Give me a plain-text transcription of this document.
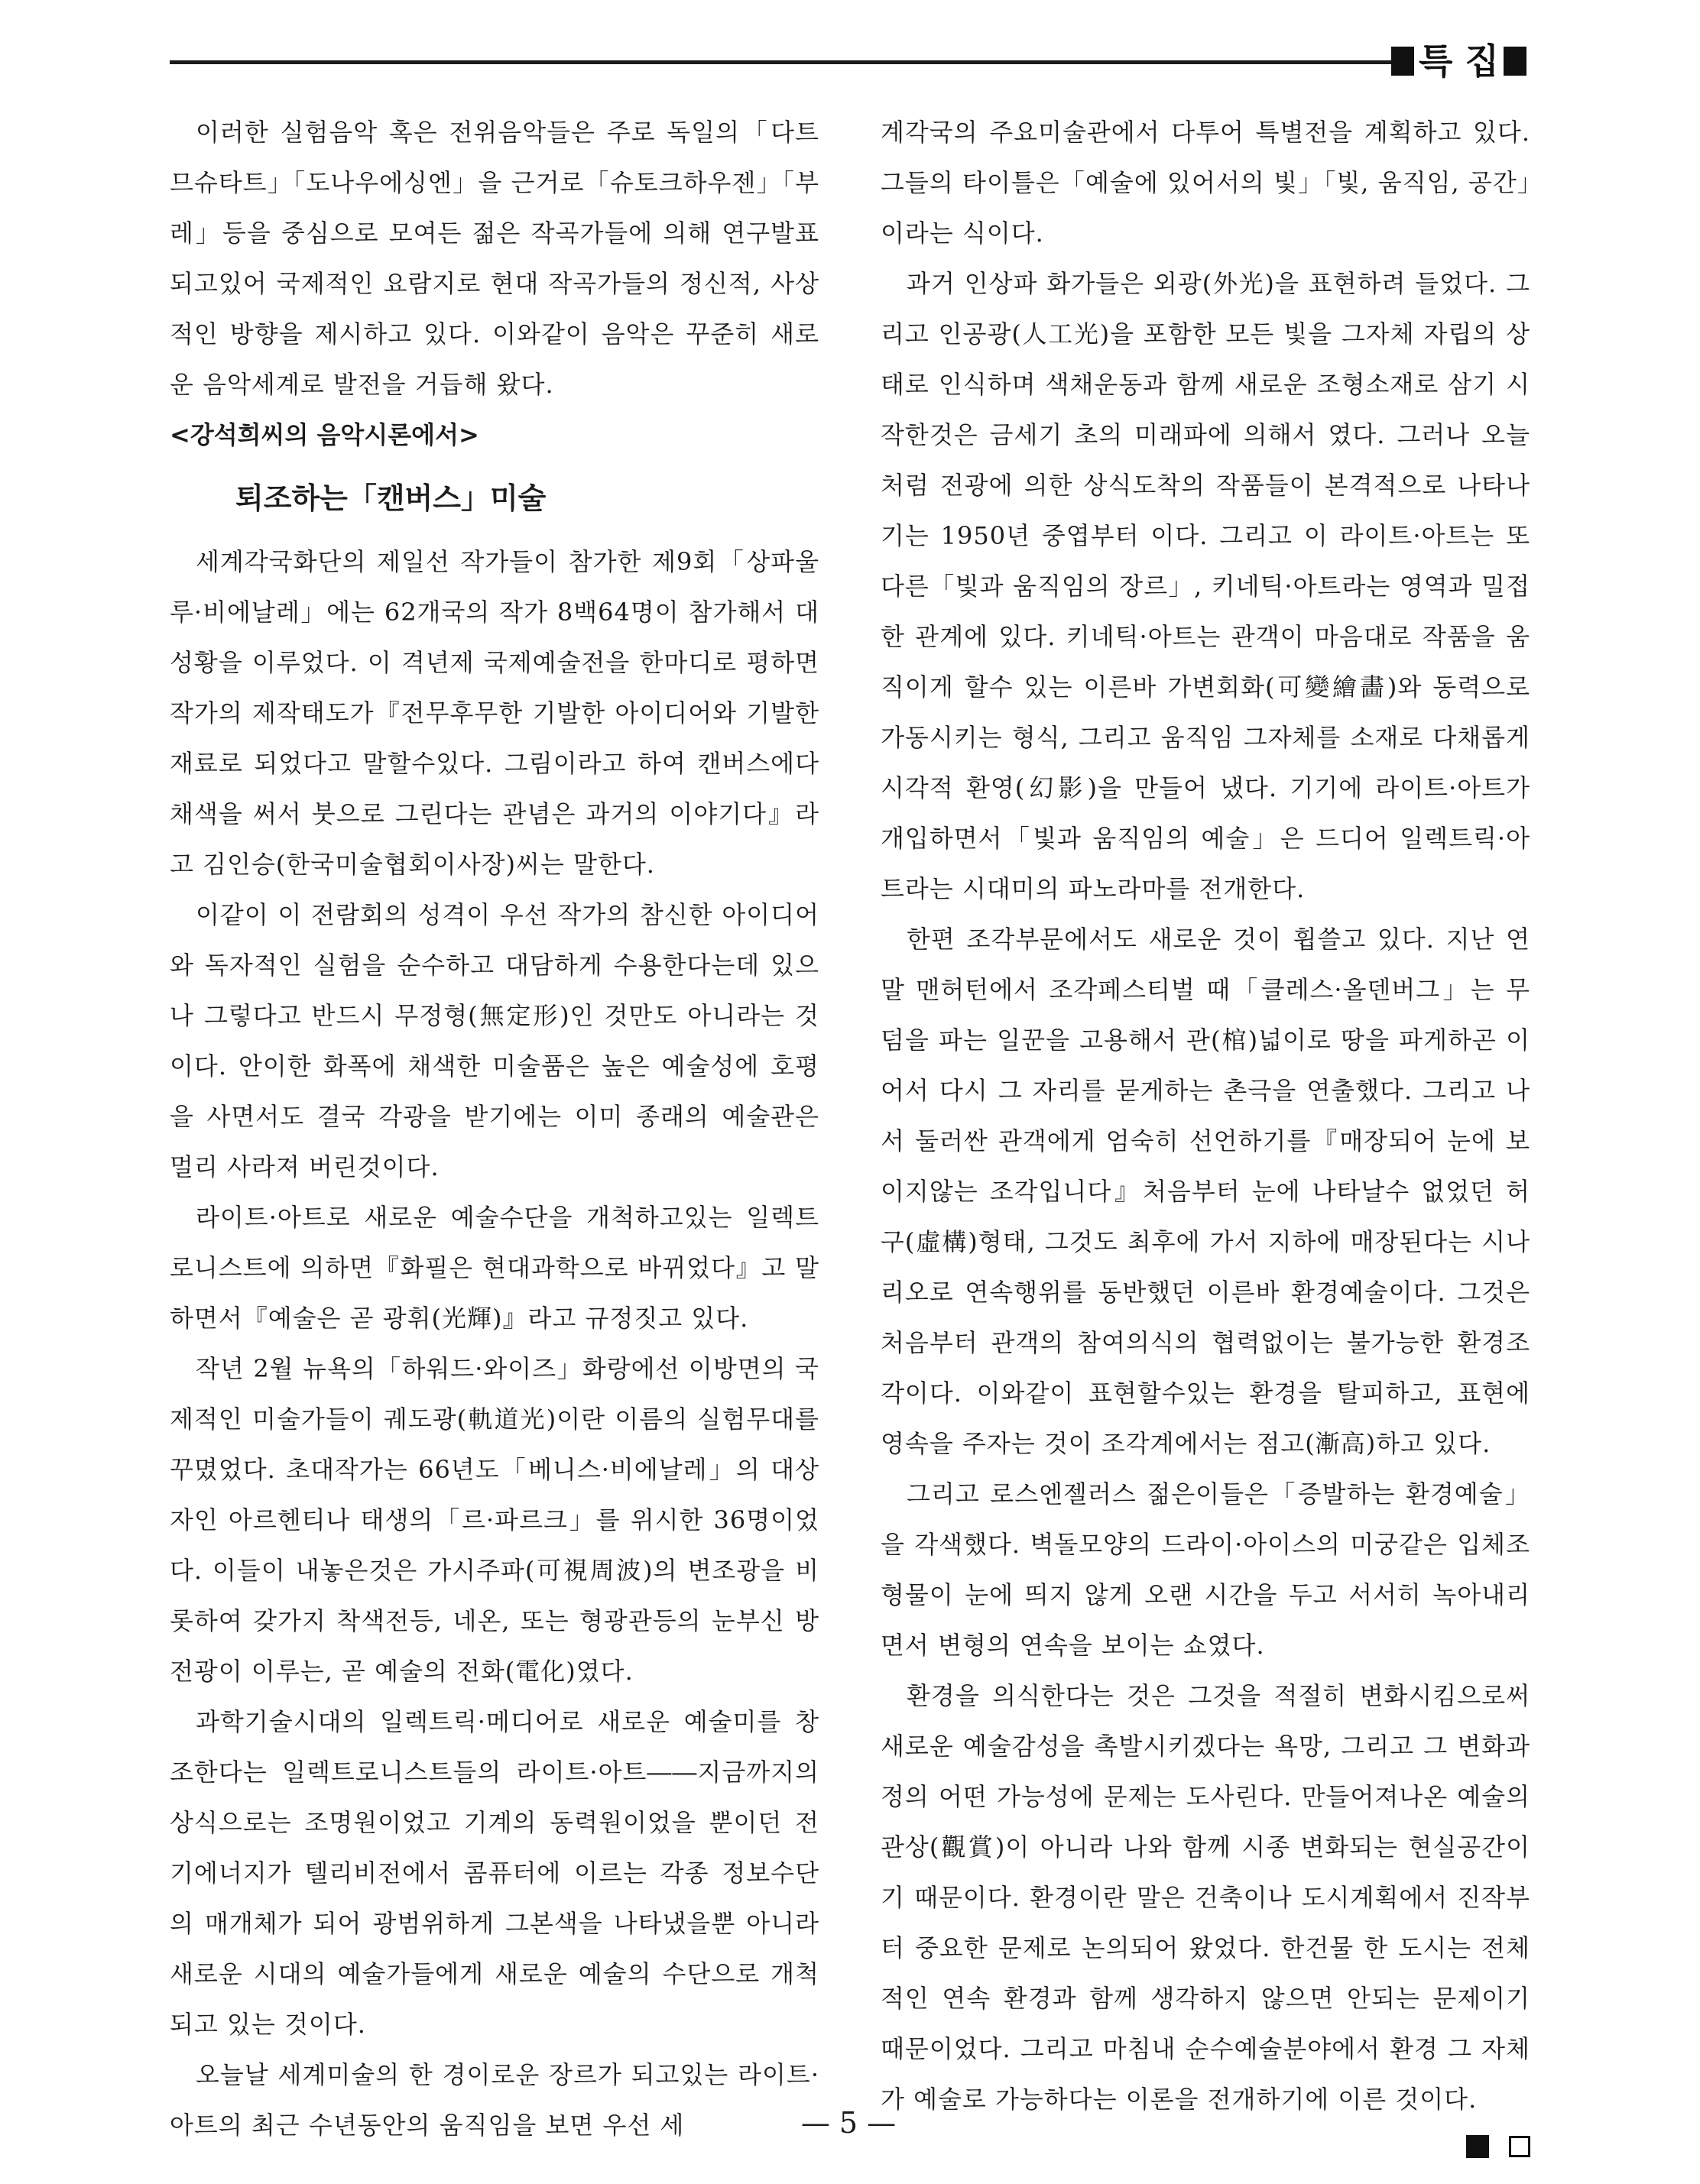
특 집

이러한 실험음악 혹은 전위음악들은 주로 독일의「다트므슈타트」「도나우에싱엔」을 근거로「슈토크하우젠」「부레」등을 중심으로 모여든 젊은 작곡가들에 의해 연구발표되고있어 국제적인 요람지로 현대 작곡가들의 정신적, 사상적인 방향을 제시하고 있다. 이와같이 음악은 꾸준히 새로운 음악세계로 발전을 거듭해 왔다.

<강석희씨의 음악시론에서>

퇴조하는「캔버스」미술

세계각국화단의 제일선 작가들이 참가한 제9회「상파울루·비에날레」에는 62개국의 작가 8백64명이 참가해서 대성황을 이루었다. 이 격년제 국제예술전을 한마디로 평하면 작가의 제작태도가『전무후무한 기발한 아이디어와 기발한 재료로 되었다고 말할수있다. 그림이라고 하여 캔버스에다 채색을 써서 붓으로 그린다는 관념은 과거의 이야기다』라고 김인승(한국미술협회이사장)씨는 말한다.

이같이 이 전람회의 성격이 우선 작가의 참신한 아이디어와 독자적인 실험을 순수하고 대담하게 수용한다는데 있으나 그렇다고 반드시 무정형(無定形)인 것만도 아니라는 것이다. 안이한 화폭에 채색한 미술품은 높은 예술성에 호평을 사면서도 결국 각광을 받기에는 이미 종래의 예술관은 멀리 사라져 버린것이다.

라이트·아트로 새로운 예술수단을 개척하고있는 일렉트로니스트에 의하면『화필은 현대과학으로 바뀌었다』고 말하면서『예술은 곧 광휘(光輝)』라고 규정짓고 있다.

작년 2월 뉴욕의「하워드·와이즈」화랑에선 이방면의 국제적인 미술가들이 궤도광(軌道光)이란 이름의 실험무대를 꾸몄었다. 초대작가는 66년도「베니스·비에날레」의 대상자인 아르헨티나 태생의「르·파르크」를 위시한 36명이었다. 이들이 내놓은것은 가시주파(可視周波)의 변조광을 비롯하여 갖가지 착색전등, 네온, 또는 형광관등의 눈부신 방전광이 이루는, 곧 예술의 전화(電化)였다.

과학기술시대의 일렉트릭·메디어로 새로운 예술미를 창조한다는 일렉트로니스트들의 라이트·아트――지금까지의 상식으로는 조명원이었고 기계의 동력원이었을 뿐이던 전기에너지가 텔리비전에서 콤퓨터에 이르는 각종 정보수단의 매개체가 되어 광범위하게 그본색을 나타냈을뿐 아니라 새로운 시대의 예술가들에게 새로운 예술의 수단으로 개척되고 있는 것이다.

오늘날 세계미술의 한 경이로운 장르가 되고있는 라이트·아트의 최근 수년동안의 움직임을 보면 우선 세

계각국의 주요미술관에서 다투어 특별전을 계획하고 있다. 그들의 타이틀은「예술에 있어서의 빛」「빛, 움직임, 공간」이라는 식이다.

과거 인상파 화가들은 외광(外光)을 표현하려 들었다. 그리고 인공광(人工光)을 포함한 모든 빛을 그자체 자립의 상태로 인식하며 색채운동과 함께 새로운 조형소재로 삼기 시작한것은 금세기 초의 미래파에 의해서 였다. 그러나 오늘처럼 전광에 의한 상식도착의 작품들이 본격적으로 나타나기는 1950년 중엽부터 이다. 그리고 이 라이트·아트는 또 다른「빛과 움직임의 장르」, 키네틱·아트라는 영역과 밀접한 관계에 있다. 키네틱·아트는 관객이 마음대로 작품을 움직이게 할수 있는 이른바 가변회화(可變繪畵)와 동력으로 가동시키는 형식, 그리고 움직임 그자체를 소재로 다채롭게 시각적 환영(幻影)을 만들어 냈다. 기기에 라이트·아트가 개입하면서「빛과 움직임의 예술」은 드디어 일렉트릭·아트라는 시대미의 파노라마를 전개한다.

한편 조각부문에서도 새로운 것이 휩쓸고 있다. 지난 연말 맨허턴에서 조각페스티벌 때「클레스·올덴버그」는 무덤을 파는 일꾼을 고용해서 관(棺)넓이로 땅을 파게하곤 이어서 다시 그 자리를 묻게하는 촌극을 연출했다. 그리고 나서 둘러싼 관객에게 엄숙히 선언하기를『매장되어 눈에 보이지않는 조각입니다』처음부터 눈에 나타날수 없었던 허구(虛構)형태, 그것도 최후에 가서 지하에 매장된다는 시나리오로 연속행위를 동반했던 이른바 환경예술이다. 그것은 처음부터 관객의 참여의식의 협력없이는 불가능한 환경조각이다. 이와같이 표현할수있는 환경을 탈피하고, 표현에 영속을 주자는 것이 조각계에서는 점고(漸高)하고 있다.

그리고 로스엔젤러스 젊은이들은「증발하는 환경예술」을 각색했다. 벽돌모양의 드라이·아이스의 미궁같은 입체조형물이 눈에 띄지 않게 오랜 시간을 두고 서서히 녹아내리면서 변형의 연속을 보이는 쇼였다.

환경을 의식한다는 것은 그것을 적절히 변화시킴으로써 새로운 예술감성을 촉발시키겠다는 욕망, 그리고 그 변화과정의 어떤 가능성에 문제는 도사린다. 만들어져나온 예술의 관상(觀賞)이 아니라 나와 함께 시종 변화되는 현실공간이기 때문이다. 환경이란 말은 건축이나 도시계획에서 진작부터 중요한 문제로 논의되어 왔었다. 한건물 한 도시는 전체적인 연속 환경과 함께 생각하지 않으면 안되는 문제이기 때문이었다. 그리고 마침내 순수예술분야에서 환경 그 자체가 예술로 가능하다는 이론을 전개하기에 이른 것이다.

— 5 —
